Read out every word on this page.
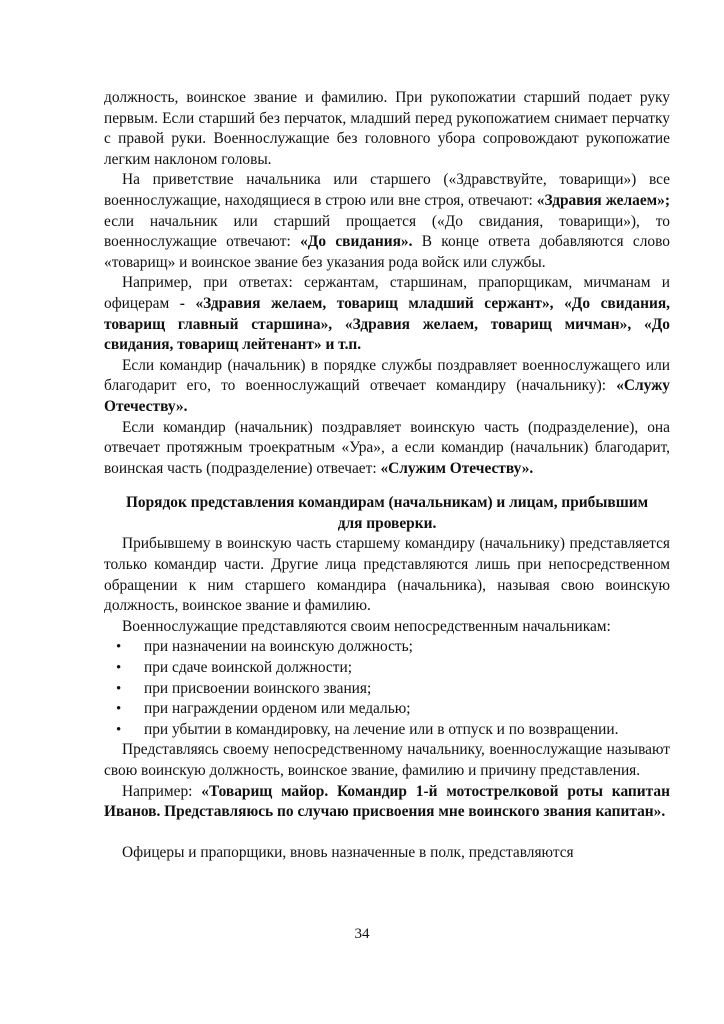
должность, воинское звание и фамилию. При рукопожатии старший подает руку первым. Если старший без перчаток, младший перед рукопожатием снимает перчатку с правой руки. Военнослужащие без головного убора сопровождают рукопожатие легким наклоном головы.

На приветствие начальника или старшего («Здравствуйте, товарищи») все военнослужащие, находящиеся в строю или вне строя, отвечают: «Здравия желаем»; если начальник или старший прощается («До свидания, товарищи»), то военнослужащие отвечают: «До свидания». В конце ответа добавляются слово «товарищ» и воинское звание без указания рода войск или службы.

Например, при ответах: сержантам, старшинам, прапорщикам, мичманам и офицерам - «Здравия желаем, товарищ младший сержант», «До свидания, товарищ главный старшина», «Здравия желаем, товарищ мичман», «До свидания, товарищ лейтенант» и т.п.

Если командир (начальник) в порядке службы поздравляет военнослужащего или благодарит его, то военнослужащий отвечает командиру (начальнику): «Служу Отечеству».

Если командир (начальник) поздравляет воинскую часть (подразделение), она отвечает протяжным троекратным «Ура», а если командир (начальник) благодарит, воинская часть (подразделение) отвечает: «Служим Отечеству».

Порядок представления командирам (начальникам) и лицам, прибывшим для проверки.

Прибывшему в воинскую часть старшему командиру (начальнику) представляется только командир части. Другие лица представляются лишь при непосредственном обращении к ним старшего командира (начальника), называя свою воинскую должность, воинское звание и фамилию.

Военнослужащие представляются своим непосредственным начальникам:

• при назначении на воинскую должность;
• при сдаче воинской должности;
• при присвоении воинского звания;
• при награждении орденом или медалью;
• при убытии в командировку, на лечение или в отпуск и по возвращении.

Представляясь своему непосредственному начальнику, военнослужащие называют свою воинскую должность, воинское звание, фамилию и причину представления.

Например: «Товарищ майор. Командир 1-й мотострелковой роты капитан Иванов. Представляюсь по случаю присвоения мне воинского звания капитан».

Офицеры и прапорщики, вновь назначенные в полк, представляются

34
